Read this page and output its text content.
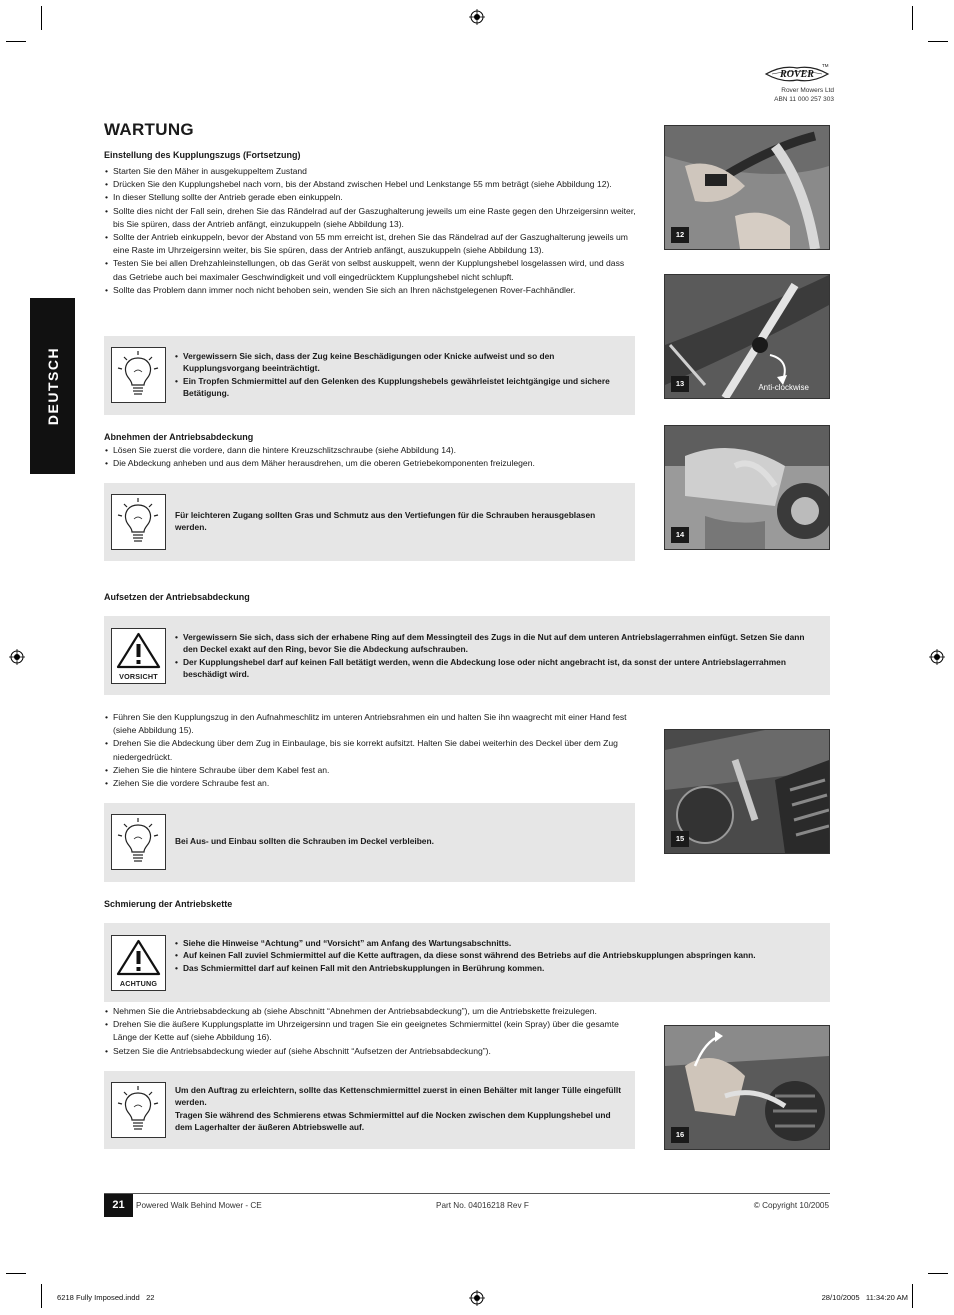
ROVER
TM
Rover Mowers Ltd
ABN 11 000 257 303
WARTUNG
DEUTSCH
Einstellung des Kupplungszugs (Fortsetzung)
• Starten Sie den Mäher in ausgekuppeltem Zustand
• Drücken Sie den Kupplungshebel nach vorn, bis der Abstand zwischen Hebel und Lenkstange 55 mm beträgt (siehe Abbildung 12).
• In dieser Stellung sollte der Antrieb gerade eben einkuppeln.
• Sollte dies nicht der Fall sein, drehen Sie das Rändelrad auf der Gaszughalterung jeweils um eine Raste gegen den Uhrzeigersinn weiter, bis Sie spüren, dass der Antrieb anfängt, einzukuppeln (siehe Abbildung 13).
• Sollte der Antrieb einkuppeln, bevor der Abstand von 55 mm erreicht ist, drehen Sie das Rändelrad auf der Gaszughalterung jeweils um eine Raste im Uhrzeigersinn weiter, bis Sie spüren, dass der Antrieb anfängt, auszukuppeln (siehe Abbildung 13).
• Testen Sie bei allen Drehzahleinstellungen, ob das Gerät von selbst auskuppelt, wenn der Kupplungshebel losgelassen wird, und dass das Getriebe auch bei maximaler Geschwindigkeit und voll eingedrücktem Kupplungshebel nicht schlupft.
• Sollte das Problem dann immer noch nicht behoben sein, wenden Sie sich an Ihren nächstgelegenen Rover-Fachhändler.
• Vergewissern Sie sich, dass der Zug keine Beschädigungen oder Knicke aufweist und so den Kupplungsvorgang beeinträchtigt.
• Ein Tropfen Schmiermittel auf den Gelenken des Kupplungshebels gewährleistet leichtgängige und sichere Betätigung.
Abnehmen der Antriebsabdeckung
• Lösen Sie zuerst die vordere, dann die hintere Kreuzschlitzschraube (siehe Abbildung 14).
• Die Abdeckung anheben und aus dem Mäher herausdrehen, um die oberen Getriebekomponenten freizulegen.
Für leichteren Zugang sollten Gras und Schmutz aus den Vertiefungen für die Schrauben herausgeblasen werden.
Aufsetzen der Antriebsabdeckung
VORSICHT
• Vergewissern Sie sich, dass sich der erhabene Ring auf dem Messingteil des Zugs in die Nut auf dem unteren Antriebslagerrahmen einfügt. Setzen Sie dann den Deckel exakt auf den Ring, bevor Sie die Abdeckung aufschrauben.
• Der Kupplungshebel darf auf keinen Fall betätigt werden, wenn die Abdeckung lose oder nicht angebracht ist, da sonst der untere Antriebslagerrahmen beschädigt wird.
• Führen Sie den Kupplungszug in den Aufnahmeschlitz im unteren Antriebsrahmen ein und halten Sie ihn waagrecht mit einer Hand fest (siehe Abbildung 15).
• Drehen Sie die Abdeckung über dem Zug in Einbaulage, bis sie korrekt aufsitzt. Halten Sie dabei weiterhin des Deckel über dem Zug niedergedrückt.
• Ziehen Sie die hintere Schraube über dem Kabel fest an.
• Ziehen Sie die vordere Schraube fest an.
Bei Aus- und Einbau sollten die Schrauben im Deckel verbleiben.
Schmierung der Antriebskette
ACHTUNG
• Siehe die Hinweise “Achtung” und “Vorsicht” am Anfang des Wartungsabschnitts.
• Auf keinen Fall zuviel Schmiermittel auf die Kette auftragen, da diese sonst während des Betriebs auf die Antriebskupplungen abspringen kann.
• Das Schmiermittel darf auf keinen Fall mit den Antriebskupplungen in Berührung kommen.
• Nehmen Sie die Antriebsabdeckung ab (siehe Abschnitt “Abnehmen der Antriebsabdeckung”), um die Antriebskette freizulegen.
• Drehen Sie die äußere Kupplungsplatte im Uhrzeigersinn und tragen Sie ein geeignetes Schmiermittel (kein Spray) über die gesamte Länge der Kette auf (siehe Abbildung 16).
• Setzen Sie die Antriebsabdeckung wieder auf (siehe Abschnitt “Aufsetzen der Antriebsabdeckung”).
Um den Auftrag zu erleichtern, sollte das Kettenschmiermittel zuerst in einen Behälter mit langer Tülle eingefüllt werden.
Tragen Sie während des Schmierens etwas Schmiermittel auf die Nocken zwischen dem Kupplungshebel und dem Lagerhalter der äußeren Abtriebswelle auf.
12
13	Anti-clockwise
14
15
16
21	Powered Walk Behind Mower - CE	Part No. 04016218 Rev F	© Copyright 10/2005
6218 Fully Imposed.indd   22	28/10/2005   11:34:20 AM
